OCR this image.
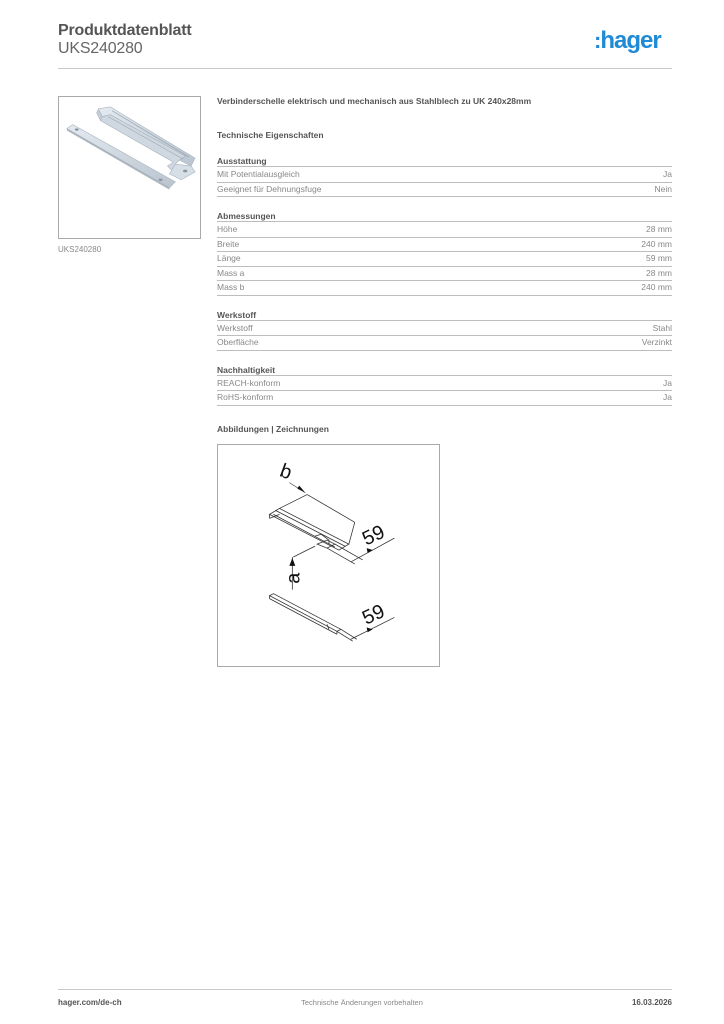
Produktdatenblatt
UKS240280	:hager
UKS240280
Verbinderschelle elektrisch und mechanisch aus Stahlblech zu UK 240x28mm
Technische Eigenschaften
Ausstattung
Mit Potentialausgleich	Ja
Geeignet für Dehnungsfuge	Nein
Abmessungen
Höhe	28 mm
Breite	240 mm
Länge	59 mm
Mass a	28 mm
Mass b	240 mm
Werkstoff
Werkstoff	Stahl
Oberfläche	Verzinkt
Nachhaltigkeit
REACH-konform	Ja
RoHS-konform	Ja
Abbildungen | Zeichnungen
b
59
a
59
hager.com/de-ch	Technische Änderungen vorbehalten	16.03.2026
